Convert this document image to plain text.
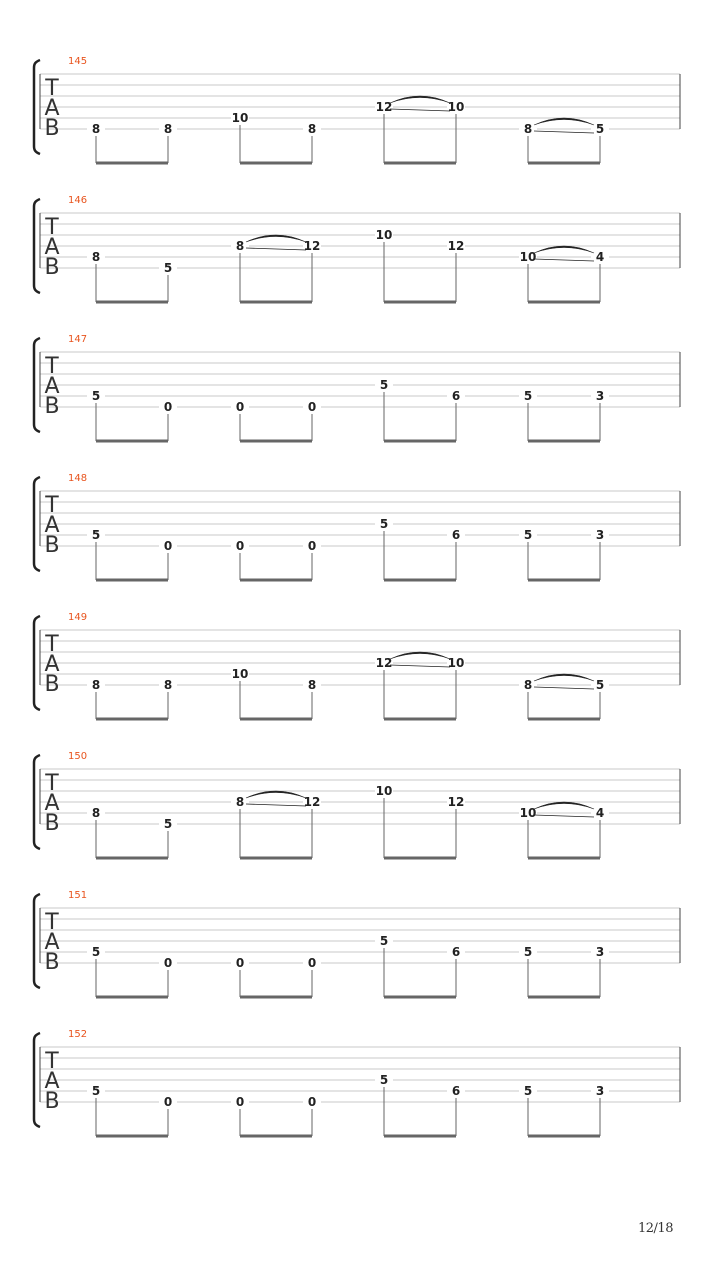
145
T
A
B	8	8
10
8
12	10
8	5
146
T
A
B	8
5
8	12
10
12
10	4
147
T
A
B	5
0	0	0
5
6	5	3
148
T
A
B	5
0	0	0
5
6	5	3
149
T
A
B	8	8
10
8
12	10
8	5
150
T
A
B	8
5
8	12
10
12
10	4
151
T
A
B	5
0	0	0
5
6	5	3
152
T
A
B	5
0	0	0
5
6	5	3
12/18
